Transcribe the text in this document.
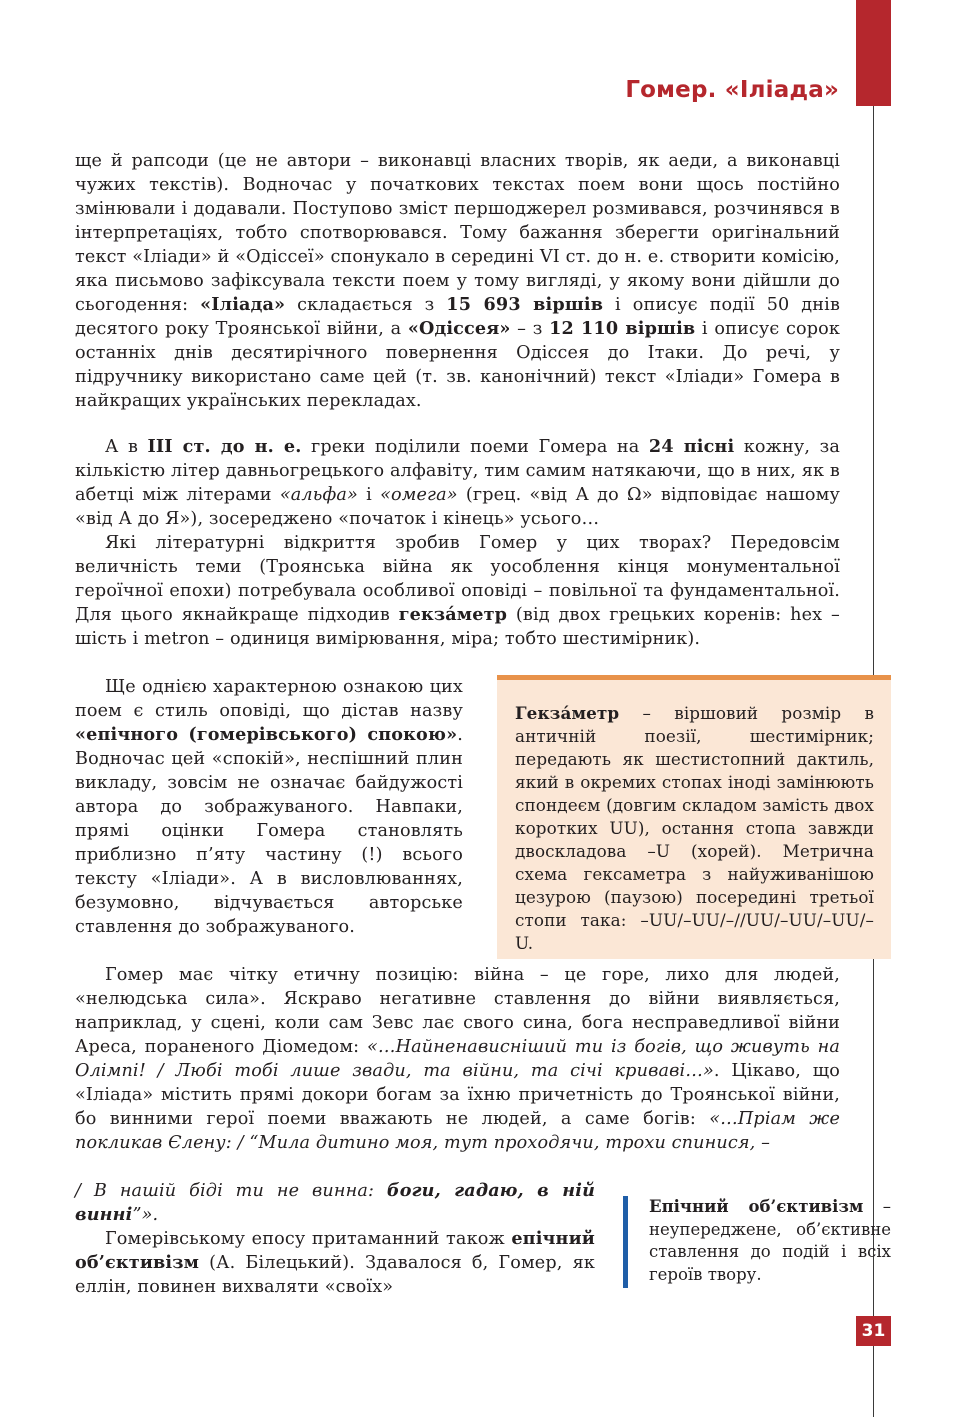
Гомер. «Іліада»

ще й рапсоди (це не автори – виконавці власних творів, як аеди, а виконавці чужих текстів). Водночас у початкових текстах поем вони щось постійно змінювали і додавали. Поступово зміст першоджерел розмивався, розчинявся в інтерпретаціях, тобто спотворювався. Тому бажання зберегти оригінальний текст «Іліади» й «Одіссеї» спонукало в середині VI ст. до н. е. створити комісію, яка письмово зафіксувала тексти поем у тому вигляді, у якому вони дійшли до сьогодення: «Іліада» складається з 15 693 віршів і описує події 50 днів десятого року Троянської війни, а «Одіссея» – з 12 110 віршів і описує сорок останніх днів десятирічного повернення Одіссея до Ітаки. До речі, у підручнику використано саме цей (т. зв. канонічний) текст «Іліади» Гомера в найкращих українських перекладах.

А в ІІІ ст. до н. е. греки поділили поеми Гомера на 24 пісні кожну, за кількістю літер давньогрецького алфавіту, тим самим натякаючи, що в них, як в абетці між літерами «альфа» і «омега» (грец. «від А до Ω» відповідає нашому «від А до Я»), зосереджено «початок і кінець» усього…

Які літературні відкриття зробив Гомер у цих творах? Передовсім величність теми (Троянська війна як уособлення кінця монументальної героїчної епохи) потребувала особливої оповіді – повільної та фундаментальної. Для цього якнайкраще підходив гекза́метр (від двох грецьких коренів: hex – шість і metron – одиниця вимірювання, міра; тобто шестимірник).

Ще однією характерною ознакою цих поем є стиль оповіді, що дістав назву «епічного (гомерівського) спокою». Водночас цей «спокій», неспішний плин викладу, зовсім не означає байдужості автора до зображуваного. Навпаки, прямі оцінки Гомера становлять приблизно п’яту частину (!) всього тексту «Іліади». А в висловлюваннях, безумовно, відчувається авторське ставлення до зображуваного.

Гекза́метр – віршовий розмір в античній поезії, шестимірник; передають як шестистопний дактиль, який в окремих стопах іноді замінюють спондеєм (довгим складом замість двох коротких UU), остання стопа завжди двоскладова –U (хорей). Метрична схема гексаметра з найуживанішою цезурою (паузою) посередині третьої стопи така: –UU/–UU/–//UU/–UU/–UU/–U.

Гомер має чітку етичну позицію: війна – це горе, лихо для людей, «нелюдська сила». Яскраво негативне ставлення до війни виявляється, наприклад, у сцені, коли сам Зевс лає свого сина, бога несправедливої війни Ареса, пораненого Діомедом: «…Найненависніший ти із богів, що живуть на Олімпі! / Любі тобі лише звади, та війни, та січі криваві…». Цікаво, що «Іліада» містить прямі докори богам за їхню причетність до Троянської війни, бо винними герої поеми вважають не людей, а саме богів: «…Пріам же покликав Єлену: / “Мила дитино моя, тут проходячи, трохи спинися, –

/ В нашій біді ти не винна: боги, гадаю, в ній винні”».

Гомерівському епосу притаманний також епічний об’єктивізм (А. Білецький). Здавалося б, Гомер, як еллін, повинен вихваляти «своїх»

Епічний об’єктивізм – неупереджене, об’єктивне ставлення до подій і всіх героїв твору.

31
